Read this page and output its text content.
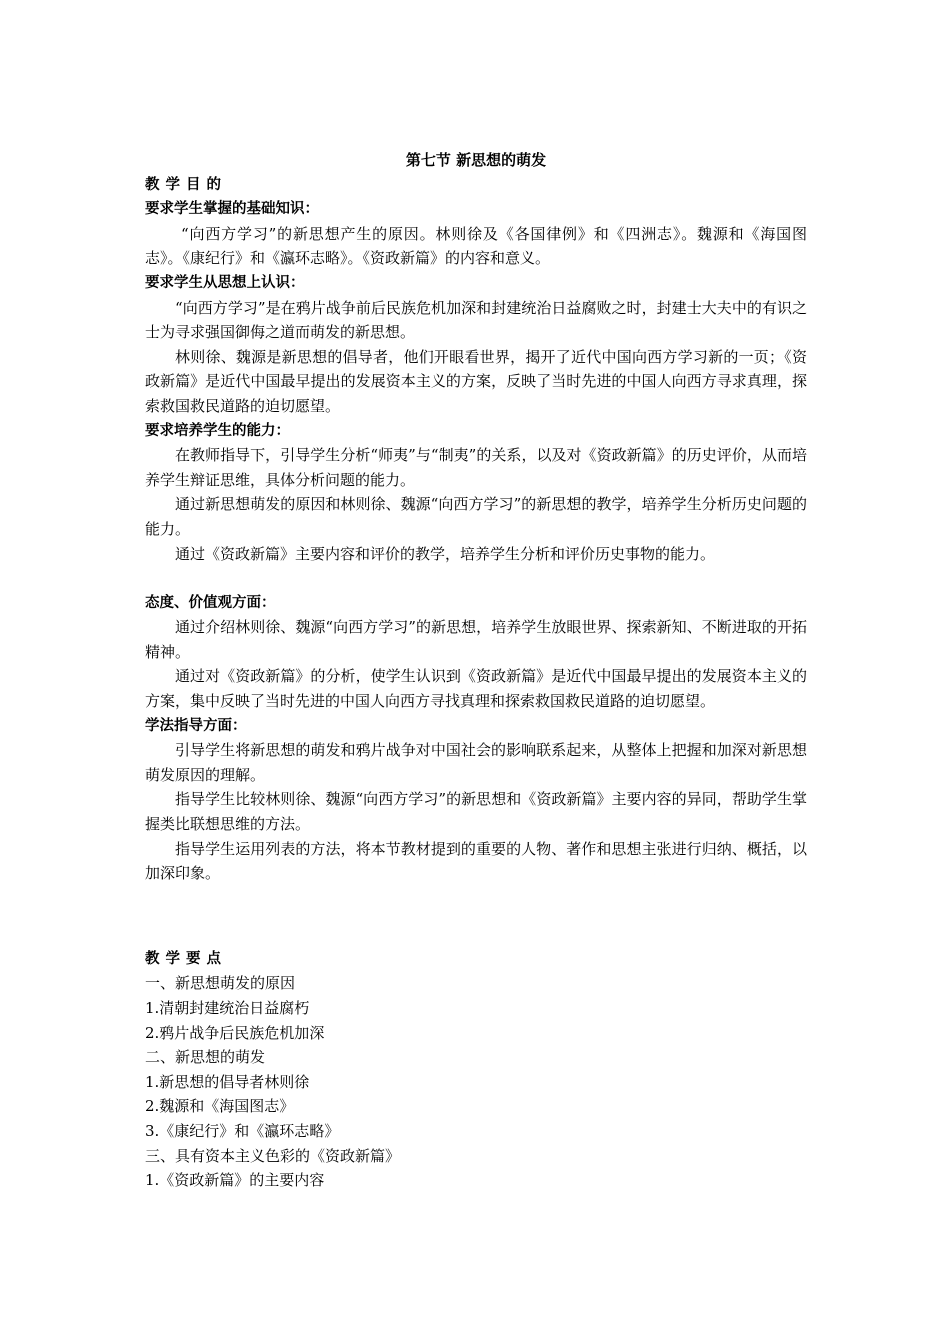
第七节 新思想的萌发

教学目的

要求学生掌握的基础知识：

“向西方学习”的新思想产生的原因。林则徐及《各国律例》和《四洲志》。魏源和《海国图志》。《康纪行》和《瀛环志略》。《资政新篇》的内容和意义。

要求学生从思想上认识：

“向西方学习”是在鸦片战争前后民族危机加深和封建统治日益腐败之时，封建士大夫中的有识之士为寻求强国御侮之道而萌发的新思想。

林则徐、魏源是新思想的倡导者，他们开眼看世界，揭开了近代中国向西方学习新的一页；《资政新篇》是近代中国最早提出的发展资本主义的方案，反映了当时先进的中国人向西方寻求真理，探索救国救民道路的迫切愿望。

要求培养学生的能力：

在教师指导下，引导学生分析“师夷”与“制夷”的关系，以及对《资政新篇》的历史评价，从而培养学生辩证思维，具体分析问题的能力。

通过新思想萌发的原因和林则徐、魏源“向西方学习”的新思想的教学，培养学生分析历史问题的能力。

通过《资政新篇》主要内容和评价的教学，培养学生分析和评价历史事物的能力。

态度、价值观方面：

通过介绍林则徐、魏源“向西方学习”的新思想，培养学生放眼世界、探索新知、不断进取的开拓精神。

通过对《资政新篇》的分析，使学生认识到《资政新篇》是近代中国最早提出的发展资本主义的方案，集中反映了当时先进的中国人向西方寻找真理和探索救国救民道路的迫切愿望。

学法指导方面：

引导学生将新思想的萌发和鸦片战争对中国社会的影响联系起来，从整体上把握和加深对新思想萌发原因的理解。

指导学生比较林则徐、魏源“向西方学习”的新思想和《资政新篇》主要内容的异同，帮助学生掌握类比联想思维的方法。

指导学生运用列表的方法，将本节教材提到的重要的人物、著作和思想主张进行归纳、概括，以加深印象。

教学要点

一、新思想萌发的原因

1.清朝封建统治日益腐朽

2.鸦片战争后民族危机加深

二、新思想的萌发

1.新思想的倡导者林则徐

2.魏源和《海国图志》

3.《康纪行》和《瀛环志略》

三、具有资本主义色彩的《资政新篇》

1.《资政新篇》的主要内容
